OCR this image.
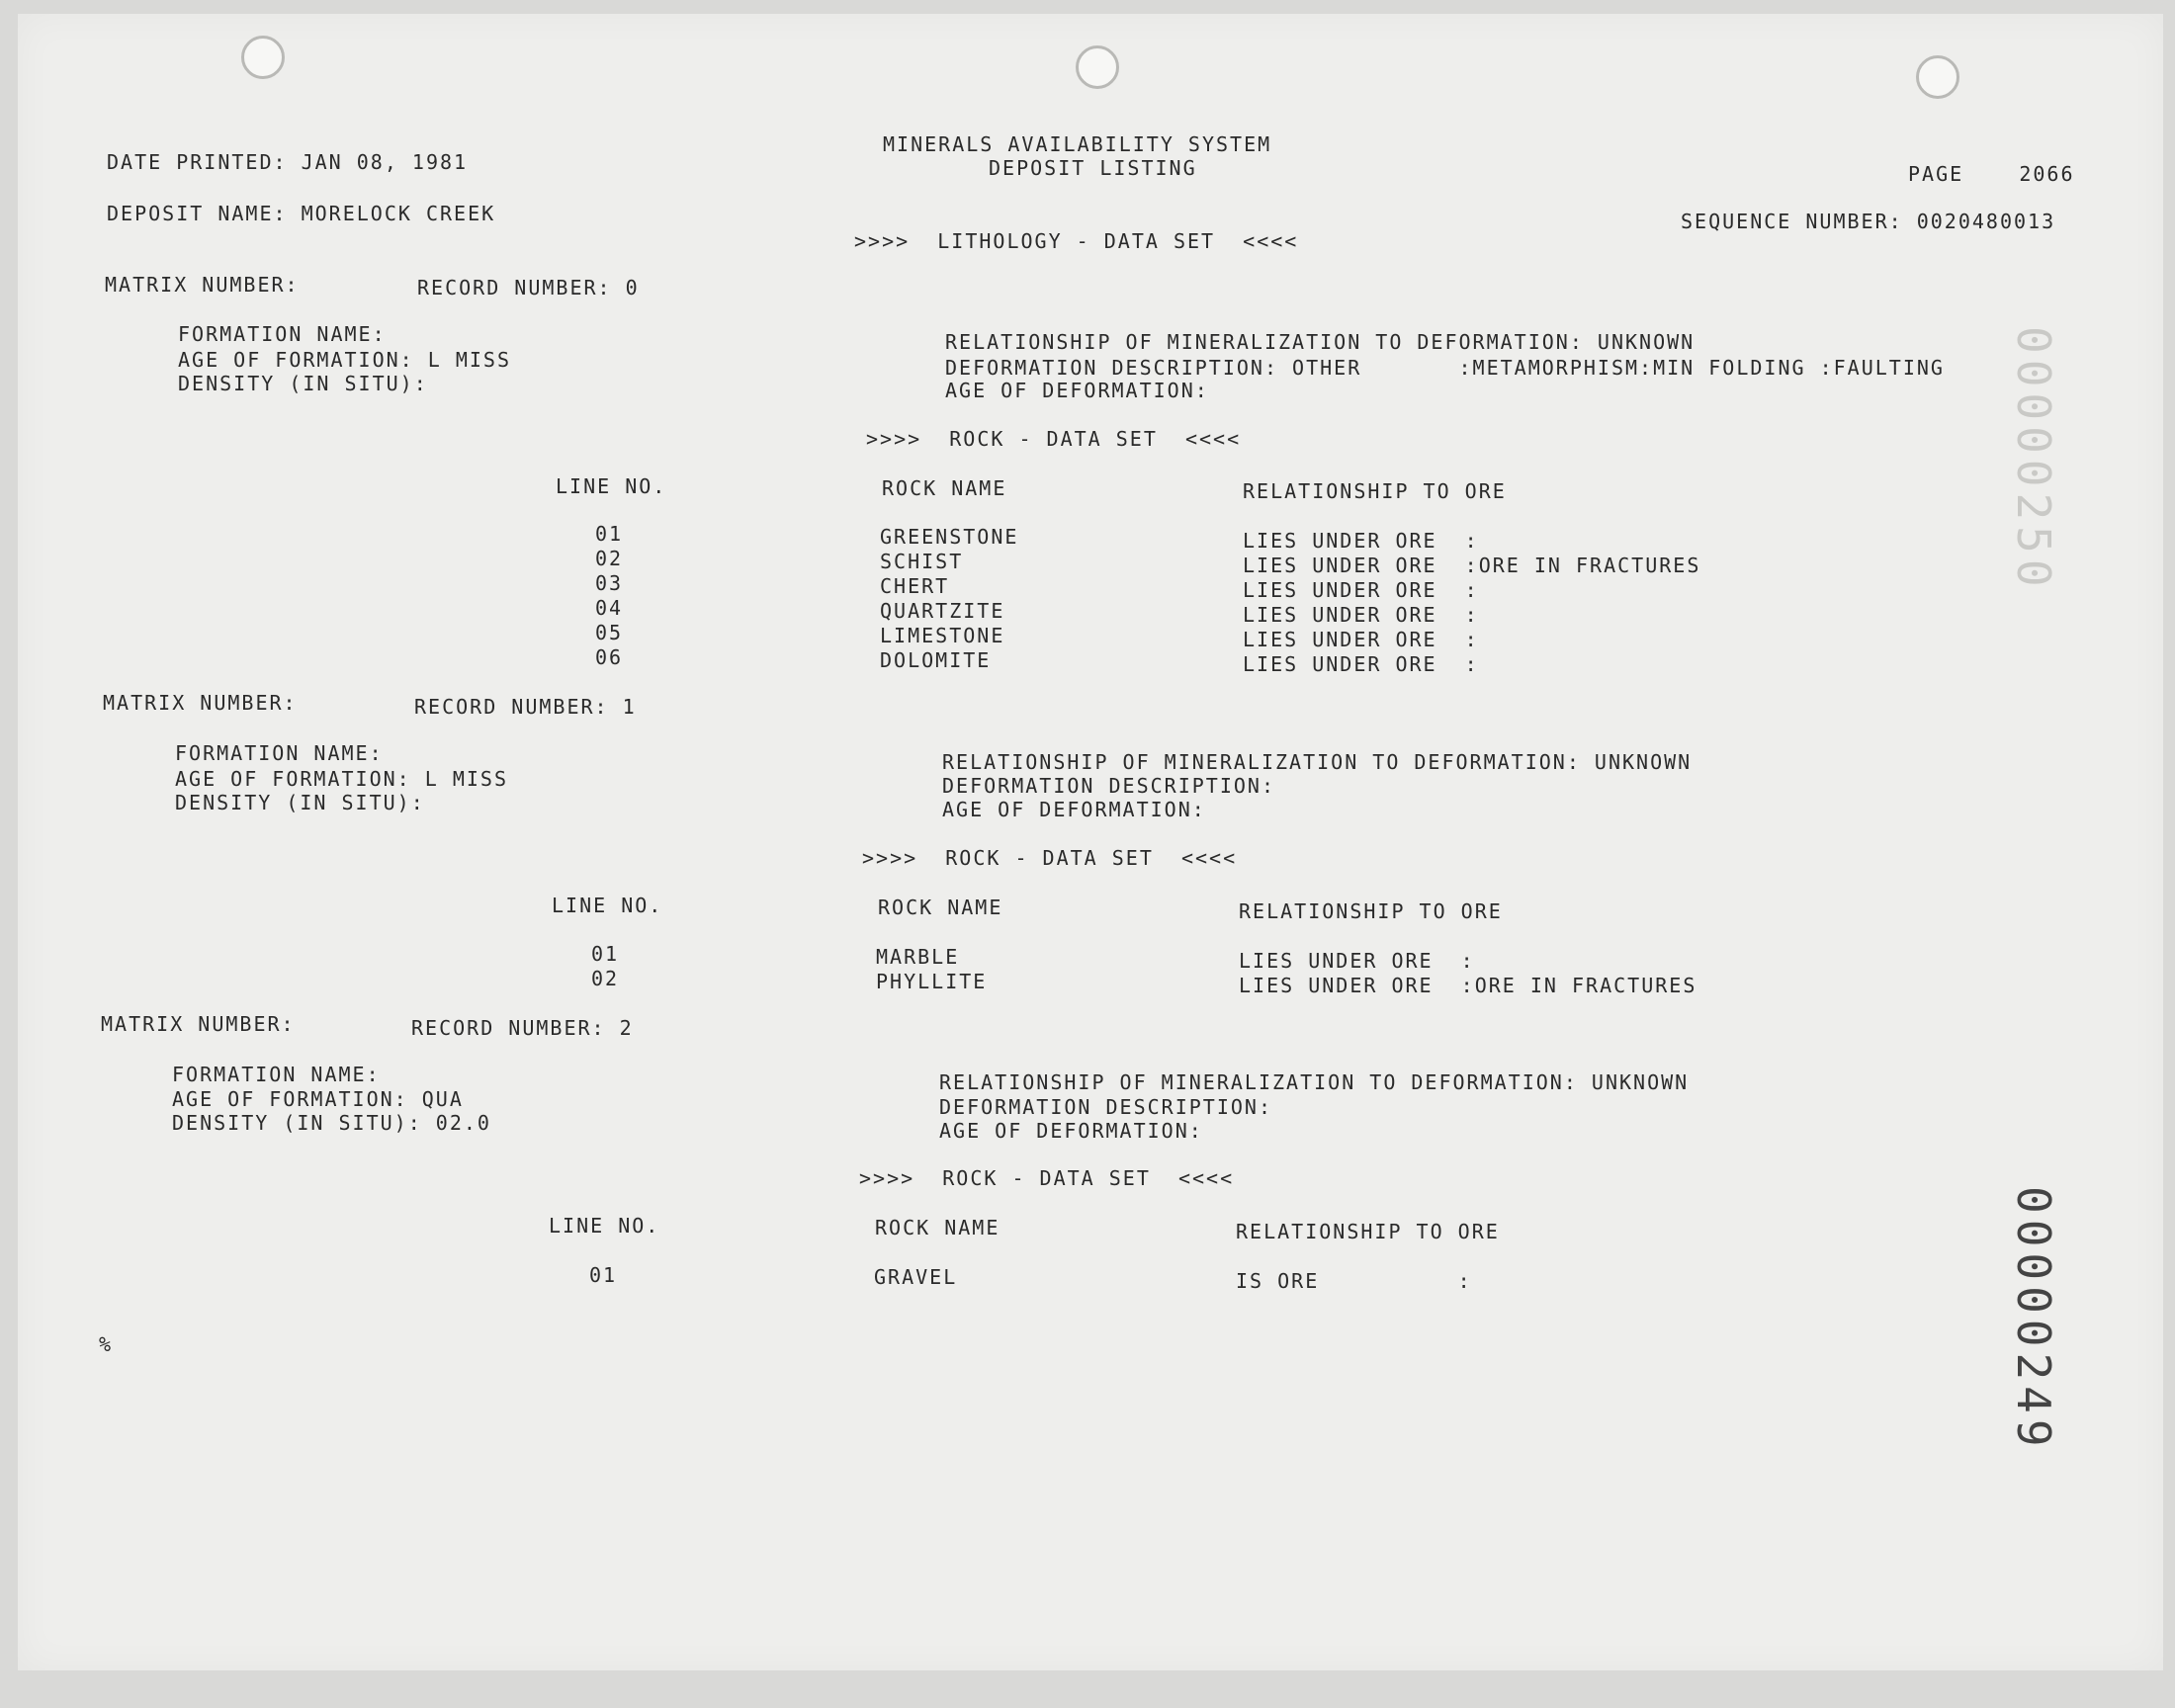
MINERALS AVAILABILITY SYSTEM
DEPOSIT LISTING
DATE PRINTED: JAN 08, 1981	PAGE    2066
DEPOSIT NAME: MORELOCK CREEK	SEQUENCE NUMBER: 0020480013
>>>>  LITHOLOGY - DATA SET  <<<<
MATRIX NUMBER:	RECORD NUMBER: 0
FORMATION NAME:
AGE OF FORMATION: L MISS
DENSITY (IN SITU):
RELATIONSHIP OF MINERALIZATION TO DEFORMATION: UNKNOWN
DEFORMATION DESCRIPTION: OTHER       :METAMORPHISM:MIN FOLDING :FAULTING
AGE OF DEFORMATION:
>>>>  ROCK - DATA SET  <<<<
LINE NO.	ROCK NAME	RELATIONSHIP TO ORE
01	GREENSTONE	LIES UNDER ORE  :
02	SCHIST	LIES UNDER ORE  :ORE IN FRACTURES
03	CHERT	LIES UNDER ORE  :
04	QUARTZITE	LIES UNDER ORE  :
05	LIMESTONE	LIES UNDER ORE  :
06	DOLOMITE	LIES UNDER ORE  :
MATRIX NUMBER:	RECORD NUMBER: 1
FORMATION NAME:
AGE OF FORMATION: L MISS
DENSITY (IN SITU):
RELATIONSHIP OF MINERALIZATION TO DEFORMATION: UNKNOWN
DEFORMATION DESCRIPTION:
AGE OF DEFORMATION:
>>>>  ROCK - DATA SET  <<<<
LINE NO.	ROCK NAME	RELATIONSHIP TO ORE
01	MARBLE	LIES UNDER ORE  :
02	PHYLLITE	LIES UNDER ORE  :ORE IN FRACTURES
MATRIX NUMBER:	RECORD NUMBER: 2
FORMATION NAME:
AGE OF FORMATION: QUA
DENSITY (IN SITU): 02.0
RELATIONSHIP OF MINERALIZATION TO DEFORMATION: UNKNOWN
DEFORMATION DESCRIPTION:
AGE OF DEFORMATION:
>>>>  ROCK - DATA SET  <<<<
LINE NO.	ROCK NAME	RELATIONSHIP TO ORE
01	GRAVEL	IS ORE          :
%	00000249
00000250
